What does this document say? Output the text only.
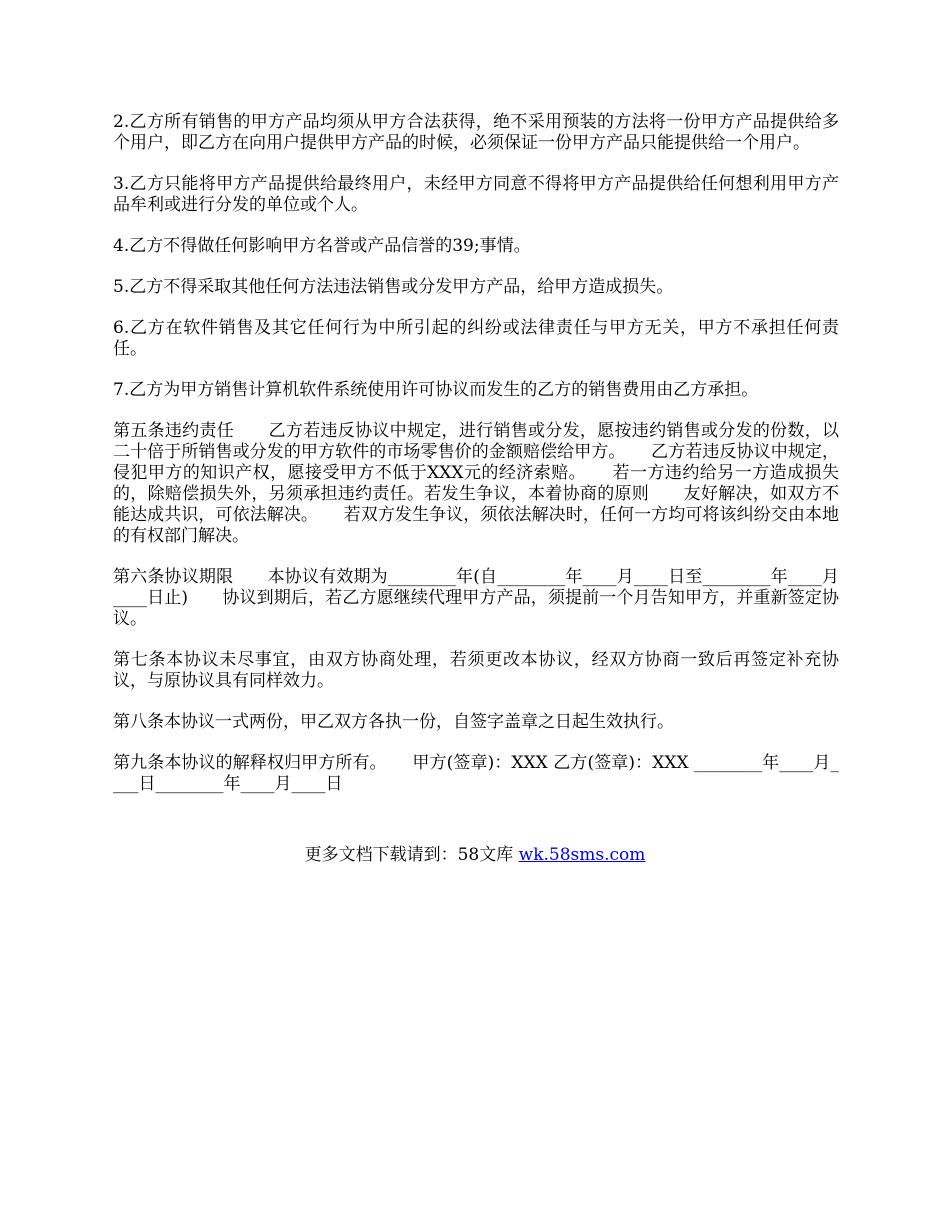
2.乙方所有销售的甲方产品均须从甲方合法获得，绝不采用预装的方法将一份甲方产品提供给多个用户，即乙方在向用户提供甲方产品的时候，必须保证一份甲方产品只能提供给一个用户。

3.乙方只能将甲方产品提供给最终用户，未经甲方同意不得将甲方产品提供给任何想利用甲方产品牟利或进行分发的单位或个人。

4.乙方不得做任何影响甲方名誉或产品信誉的39;事情。

5.乙方不得采取其他任何方法违法销售或分发甲方产品，给甲方造成损失。

6.乙方在软件销售及其它任何行为中所引起的纠纷或法律责任与甲方无关，甲方不承担任何责任。

7.乙方为甲方销售计算机软件系统使用许可协议而发生的乙方的销售费用由乙方承担。

第五条违约责任　　乙方若违反协议中规定，进行销售或分发，愿按违约销售或分发的份数，以二十倍于所销售或分发的甲方软件的市场零售价的金额赔偿给甲方。　　乙方若违反协议中规定，侵犯甲方的知识产权，愿接受甲方不低于XXX元的经济索赔。　　若一方违约给另一方造成损失的，除赔偿损失外，另须承担违约责任。若发生争议，本着协商的原则　　友好解决，如双方不能达成共识，可依法解决。　　若双方发生争议，须依法解决时，任何一方均可将该纠纷交由本地的有权部门解决。

第六条协议期限　　本协议有效期为________年(自________年____月____日至________年____月____日止)　　协议到期后，若乙方愿继续代理甲方产品，须提前一个月告知甲方，并重新签定协议。

第七条本协议未尽事宜，由双方协商处理，若须更改本协议，经双方协商一致后再签定补充协议，与原协议具有同样效力。

第八条本协议一式两份，甲乙双方各执一份，自签字盖章之日起生效执行。

第九条本协议的解释权归甲方所有。　　甲方(签章)：XXX 乙方(签章)：XXX ________年____月____日________年____月____日

更多文档下载请到：58文库 wk.58sms.com
